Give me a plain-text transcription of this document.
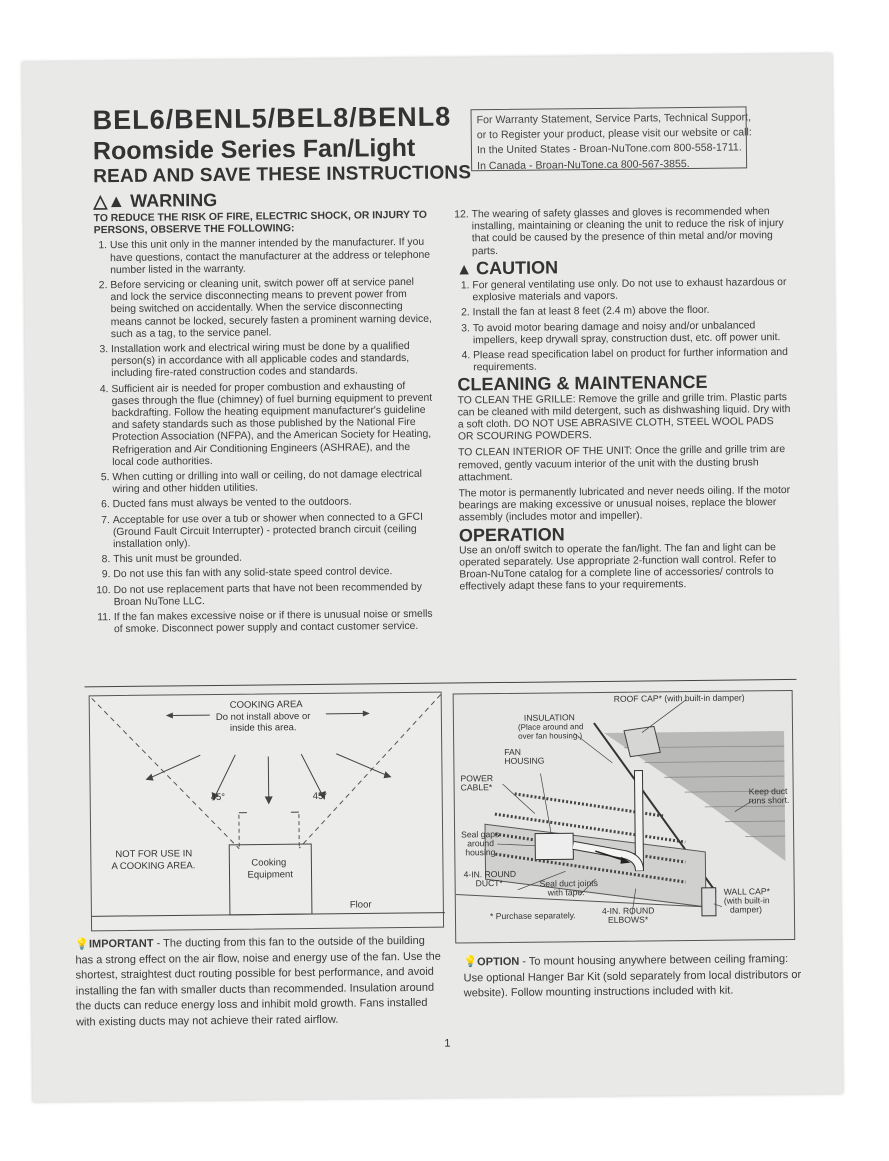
BEL6/BENL5/BEL8/BENL8
Roomside Series Fan/Light
READ AND SAVE THESE INSTRUCTIONS
For Warranty Statement, Service Parts, Technical Support,
or to Register your product, please visit our website or call:
In the United States - Broan-NuTone.com 800-558-1711.
In Canada - Broan-NuTone.ca 800-567-3855.
△▲ WARNING
TO REDUCE THE RISK OF FIRE, ELECTRIC SHOCK, OR INJURY TO PERSONS, OBSERVE THE FOLLOWING:
1. Use this unit only in the manner intended by the manufacturer. If you have questions, contact the manufacturer at the address or telephone number listed in the warranty.
2. Before servicing or cleaning unit, switch power off at service panel and lock the service disconnecting means to prevent power from being switched on accidentally. When the service disconnecting means cannot be locked, securely fasten a prominent warning device, such as a tag, to the service panel.
3. Installation work and electrical wiring must be done by a qualified person(s) in accordance with all applicable codes and standards, including fire-rated construction codes and standards.
4. Sufficient air is needed for proper combustion and exhausting of gases through the flue (chimney) of fuel burning equipment to prevent backdrafting. Follow the heating equipment manufacturer's guideline and safety standards such as those published by the National Fire Protection Association (NFPA), and the American Society for Heating, Refrigeration and Air Conditioning Engineers (ASHRAE), and the local code authorities.
5. When cutting or drilling into wall or ceiling, do not damage electrical wiring and other hidden utilities.
6. Ducted fans must always be vented to the outdoors.
7. Acceptable for use over a tub or shower when connected to a GFCI (Ground Fault Circuit Interrupter) - protected branch circuit (ceiling installation only).
8. This unit must be grounded.
9. Do not use this fan with any solid-state speed control device.
10. Do not use replacement parts that have not been recommended by Broan NuTone LLC.
11. If the fan makes excessive noise or if there is unusual noise or smells of smoke. Disconnect power supply and contact customer service.
12. The wearing of safety glasses and gloves is recommended when installing, maintaining or cleaning the unit to reduce the risk of injury that could be caused by the presence of thin metal and/or moving parts.
▲ CAUTION
1. For general ventilating use only. Do not use to exhaust hazardous or explosive materials and vapors.
2. Install the fan at least 8 feet (2.4 m) above the floor.
3. To avoid motor bearing damage and noisy and/or unbalanced impellers, keep drywall spray, construction dust, etc. off power unit.
4. Please read specification label on product for further information and requirements.
CLEANING & MAINTENANCE

TO CLEAN THE GRILLE: Remove the grille and grille trim. Plastic parts can be cleaned with mild detergent, such as dishwashing liquid. Dry with a soft cloth. DO NOT USE ABRASIVE CLOTH, STEEL WOOL PADS OR SCOURING POWDERS.

TO CLEAN INTERIOR OF THE UNIT: Once the grille and grille trim are removed, gently vacuum interior of the unit with the dusting brush attachment.

The motor is permanently lubricated and never needs oiling. If the motor bearings are making excessive or unusual noises, replace the blower assembly (includes motor and impeller).

OPERATION

Use an on/off switch to operate the fan/light. The fan and light can be operated separately. Use appropriate 2-function wall control. Refer to Broan-NuTone catalog for a complete line of accessories/ controls to effectively adapt these fans to your requirements.

COOKING AREA
Do not install above or
inside this area.
45°	45°
NOT FOR USE IN
A COOKING AREA.	Cooking
Equipment
Floor
ROOF CAP* (with built-in damper)
INSULATION
(Place around and
over fan housing.)
FAN
HOUSING
POWER
CABLE*	Keep duct
runs short.
Seal gaps
around
housing
4-IN. ROUND
DUCT*	Seal duct joints
with tape.	WALL CAP*
(with built-in
damper)
* Purchase separately.	4-IN. ROUND
ELBOWS*
💡IMPORTANT - The ducting from this fan to the outside of the building has a strong effect on the air flow, noise and energy use of the fan. Use the shortest, straightest duct routing possible for best performance, and avoid installing the fan with smaller ducts than recommended. Insulation around the ducts can reduce energy loss and inhibit mold growth. Fans installed with existing ducts may not achieve their rated airflow.
💡OPTION - To mount housing anywhere between ceiling framing: Use optional Hanger Bar Kit (sold separately from local distributors or website). Follow mounting instructions included with kit.
1
